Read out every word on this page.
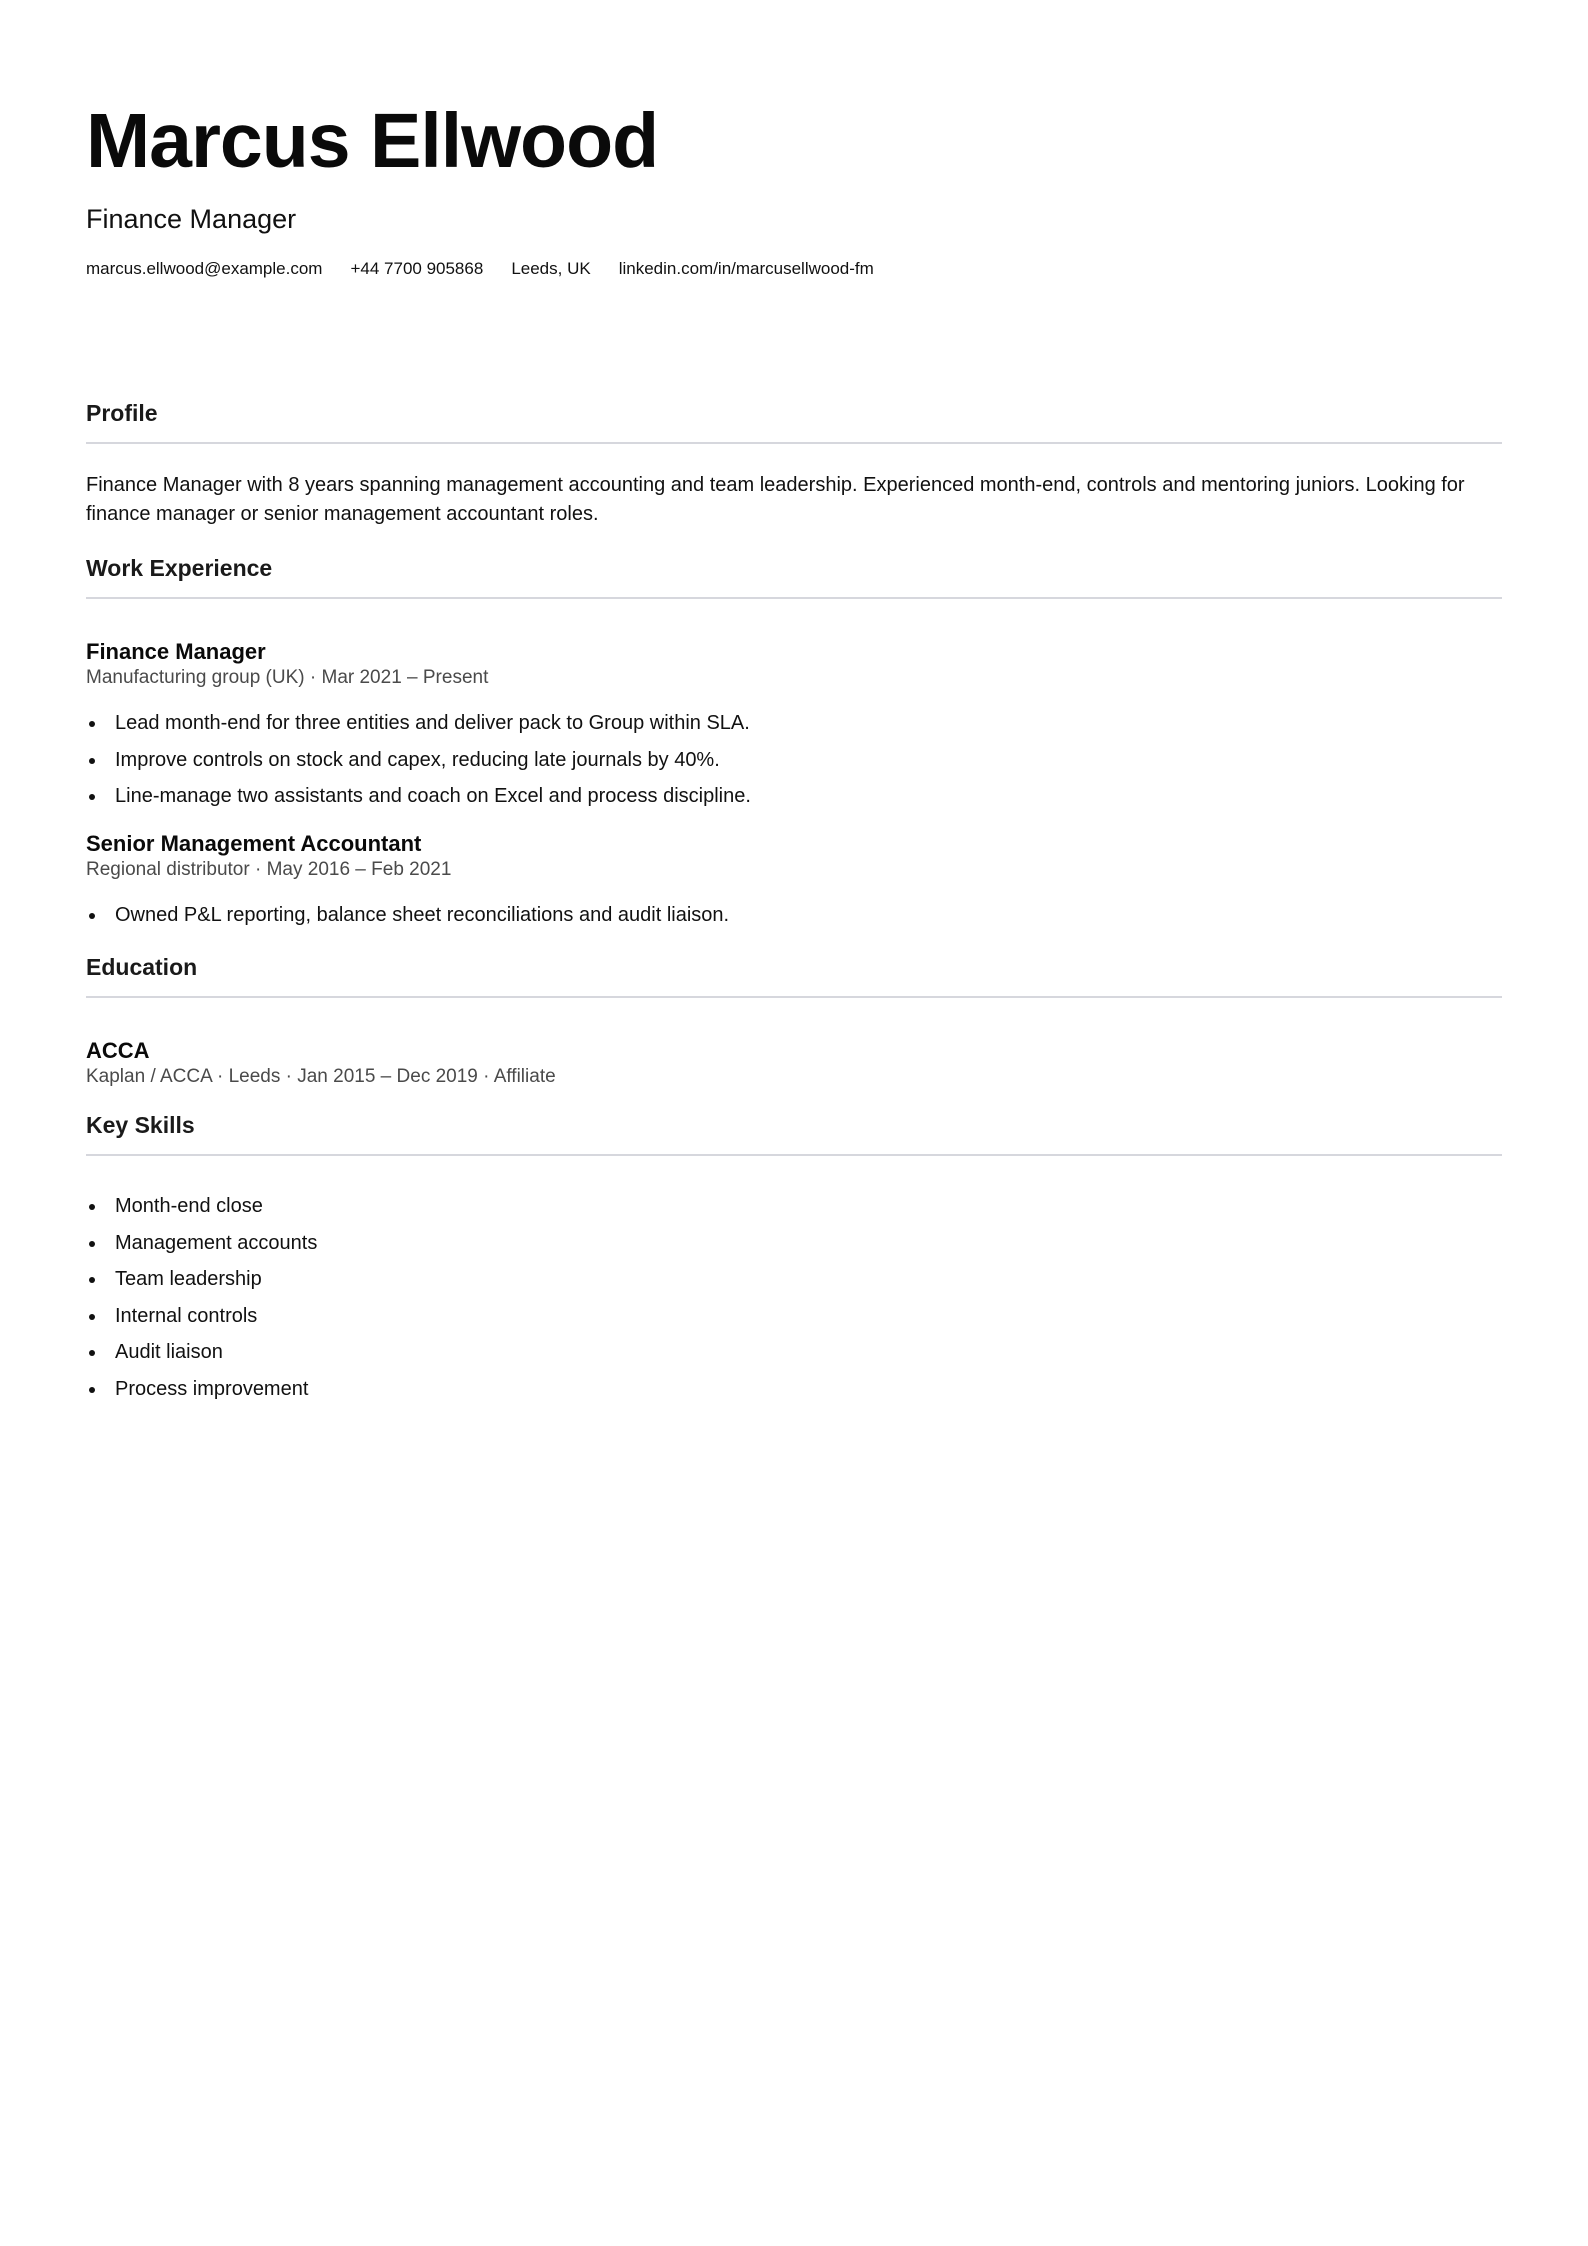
Marcus Ellwood
Finance Manager
marcus.ellwood@example.com +44 7700 905868 Leeds, UK linkedin.com/in/marcusellwood-fm
Profile
Finance Manager with 8 years spanning management accounting and team leadership. Experienced month-end, controls and mentoring juniors. Looking for finance manager or senior management accountant roles.
Work Experience
Finance Manager
Manufacturing group (UK) · Mar 2021 – Present
Lead month-end for three entities and deliver pack to Group within SLA.
Improve controls on stock and capex, reducing late journals by 40%.
Line-manage two assistants and coach on Excel and process discipline.
Senior Management Accountant
Regional distributor · May 2016 – Feb 2021
Owned P&L reporting, balance sheet reconciliations and audit liaison.
Education
ACCA
Kaplan / ACCA · Leeds · Jan 2015 – Dec 2019 · Affiliate
Key Skills
Month-end close
Management accounts
Team leadership
Internal controls
Audit liaison
Process improvement
